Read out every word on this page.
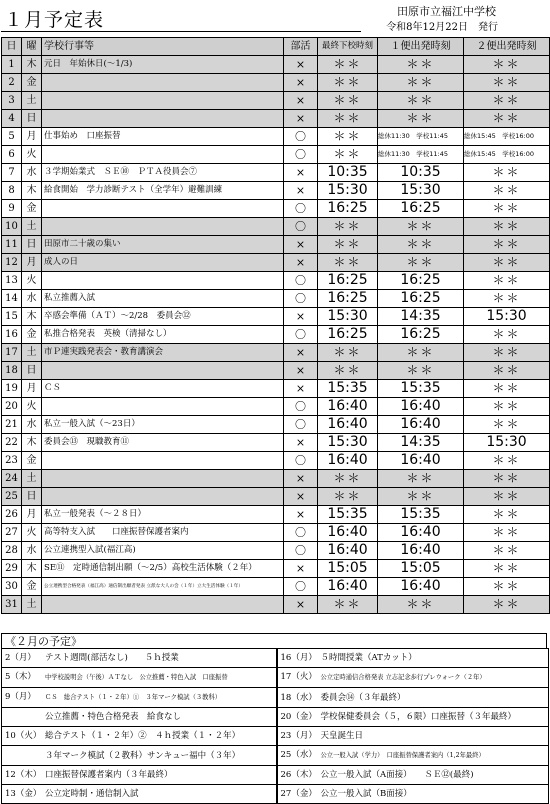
１月予定表	田原市立福江中学校
令和8年12月22日　発行
日	曜	学校行事等	部活	最終下校時刻	１便出発時刻	２便出発時刻
1	木	元日　年始休日(～1/3)	×	＊＊	＊＊	＊＊
2	金		×	＊＊	＊＊	＊＊
3	土		×	＊＊	＊＊	＊＊
4	日		×	＊＊	＊＊	＊＊
5	月	仕事始め　口座振替	〇	＊＊	総休11:30　学校11:45	総休15:45　学校16:00
6	火		〇	＊＊	総休11:30　学校11:45	総休15:45　学校16:00
7	水	３学期始業式　ＳＥ⑩　ＰＴＡ役員会⑦	×	10:35	10:35	＊＊
8	木	給食開始　学力診断テスト（全学年）避難訓練	×	15:30	15:30	＊＊
9	金		〇	16:25	16:25	＊＊
10	土		〇	＊＊	＊＊	＊＊
11	日	田原市二十歳の集い	×	＊＊	＊＊	＊＊
12	月	成人の日	×	＊＊	＊＊	＊＊
13	火		〇	16:25	16:25	＊＊
14	水	私立推薦入試	〇	16:25	16:25	＊＊
15	木	卒感会準備（ＡＴ）～2/28　委員会⑫	×	15:30	14:35	15:30
16	金	私推合格発表　英検（清掃なし）	〇	16:25	16:25	＊＊
17	土	市Ｐ連実践発表会・教育講演会	×	＊＊	＊＊	＊＊
18	日		×	＊＊	＊＊	＊＊
19	月	ＣＳ	×	15:35	15:35	＊＊
20	火		〇	16:40	16:40	＊＊
21	水	私立一般入試（～23日）	〇	16:40	16:40	＊＊
22	木	委員会⑬　現職教育⑪	×	15:30	14:35	15:30
23	金		〇	16:40	16:40	＊＊
24	土		×	＊＊	＊＊	＊＊
25	日		×	＊＊	＊＊	＊＊
26	月	私立一般発表（～２８日）	×	15:35	15:35	＊＊
27	火	高等特支入試　　口座振替保護者案内	〇	16:40	16:40	＊＊
28	水	公立連携型入試(福江高)	〇	16:40	16:40	＊＊
29	木	SE⑪　定時通信制出願（～2/5）高校生活体験（２年）	×	15:05	15:05	＊＊
30	金	公立連携型合格発表（福江高）通信制出願者発表 立派な大人の会（１年）立大生活体験（１年）	〇	16:40	16:40	＊＊
31	土		×	＊＊	＊＊	＊＊
《２月の予定》
2（月） テスト週間(部活なし)　　５ｈ授業	16（月） ５時間授業（ATカット）
5（木） 中学校説明会（午後）ＡＴなし　公立推薦・特色入試　口座振替	17（火） 公立定時通信合格発表 立志記念歩行プレウォーク（２年）
9（月） ＣＳ　総合テスト（１・２年）①　３年マーク模試（３教科）	18（水） 委員会⑭（３年最終）
公立推薦・特色合格発表　給食なし	20（金） 学校保健委員会（５，６限）口座振替（３年最終）
10（火） 総合テスト（１・２年）②　４ｈ授業（１・２年）	23（月） 天皇誕生日
３年マーク模試（２教科）サンキュー福中（３年）	25（水） 公立一般入試（学力）　口座振替保護者案内（1,2年最終）
12（木） 口座振替保護者案内（３年最終）	26（木） 公立一般入試（A面接）　　ＳＥ⑫(最終)
13（金） 公立定時制・通信制入試	27（金） 公立一般入試（B面接）
